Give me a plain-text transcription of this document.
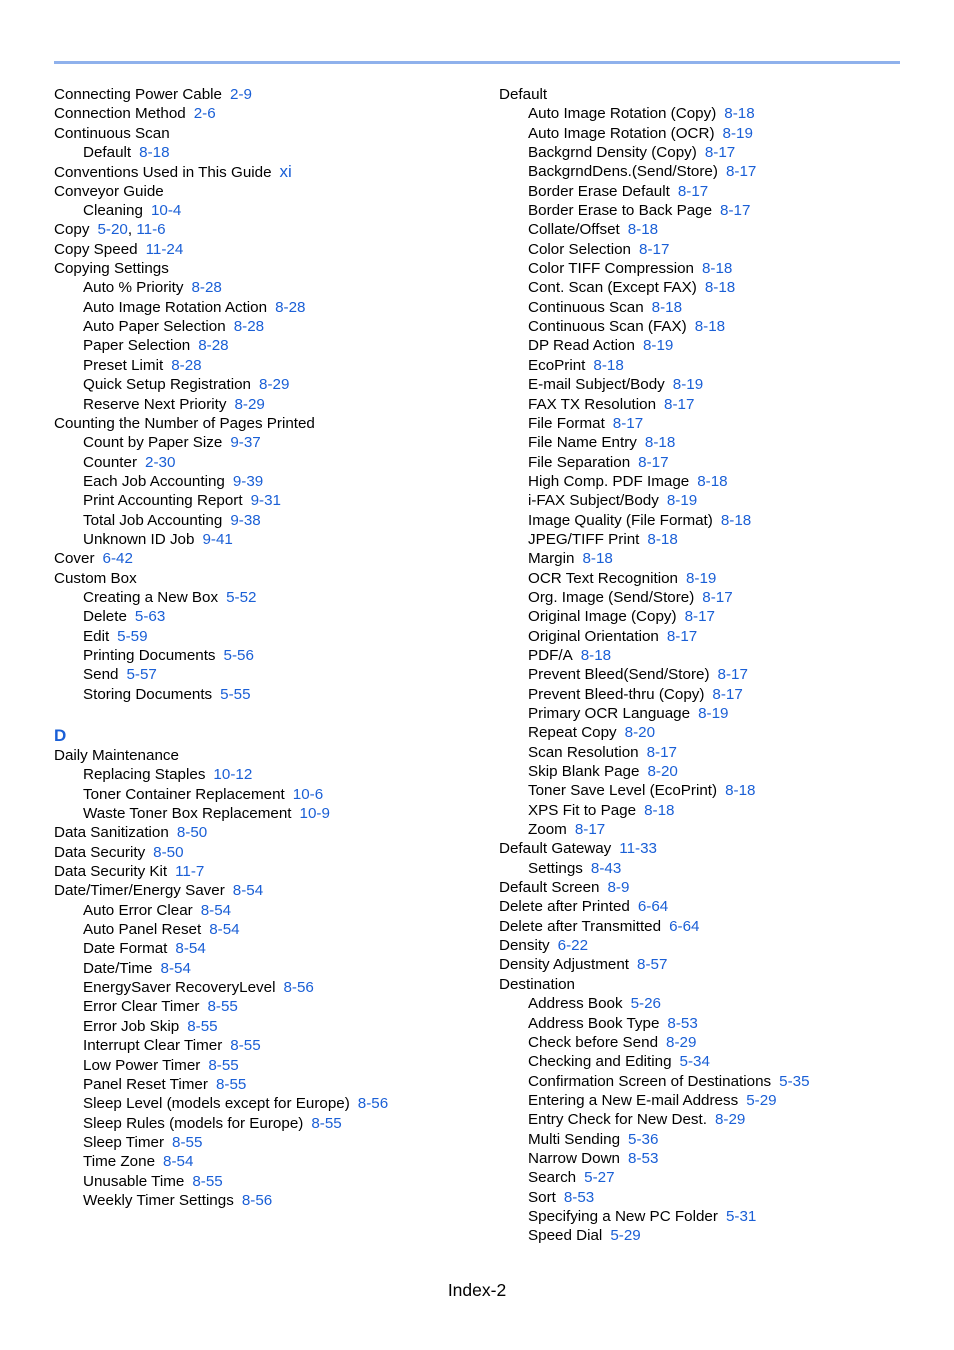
Connecting Power Cable 2-9
Connection Method 2-6
Continuous Scan
Default 8-18
Conventions Used in This Guide xi
Conveyor Guide
Cleaning 10-4
Copy 5-20, 11-6
Copy Speed 11-24
Copying Settings
Auto % Priority 8-28
Auto Image Rotation Action 8-28
Auto Paper Selection 8-28
Paper Selection 8-28
Preset Limit 8-28
Quick Setup Registration 8-29
Reserve Next Priority 8-29
Counting the Number of Pages Printed
Count by Paper Size 9-37
Counter 2-30
Each Job Accounting 9-39
Print Accounting Report 9-31
Total Job Accounting 9-38
Unknown ID Job 9-41
Cover 6-42
Custom Box
Creating a New Box 5-52
Delete 5-63
Edit 5-59
Printing Documents 5-56
Send 5-57
Storing Documents 5-55
D
Daily Maintenance
Replacing Staples 10-12
Toner Container Replacement 10-6
Waste Toner Box Replacement 10-9
Data Sanitization 8-50
Data Security 8-50
Data Security Kit 11-7
Date/Timer/Energy Saver 8-54
Auto Error Clear 8-54
Auto Panel Reset 8-54
Date Format 8-54
Date/Time 8-54
EnergySaver RecoveryLevel 8-56
Error Clear Timer 8-55
Error Job Skip 8-55
Interrupt Clear Timer 8-55
Low Power Timer 8-55
Panel Reset Timer 8-55
Sleep Level (models except for Europe) 8-56
Sleep Rules (models for Europe) 8-55
Sleep Timer 8-55
Time Zone 8-54
Unusable Time 8-55
Weekly Timer Settings 8-56
Default
Auto Image Rotation (Copy) 8-18
Auto Image Rotation (OCR) 8-19
Backgrnd Density (Copy) 8-17
BackgrndDens.(Send/Store) 8-17
Border Erase Default 8-17
Border Erase to Back Page 8-17
Collate/Offset 8-18
Color Selection 8-17
Color TIFF Compression 8-18
Cont. Scan (Except FAX) 8-18
Continuous Scan 8-18
Continuous Scan (FAX) 8-18
DP Read Action 8-19
EcoPrint 8-18
E-mail Subject/Body 8-19
FAX TX Resolution 8-17
File Format 8-17
File Name Entry 8-18
File Separation 8-17
High Comp. PDF Image 8-18
i-FAX Subject/Body 8-19
Image Quality (File Format) 8-18
JPEG/TIFF Print 8-18
Margin 8-18
OCR Text Recognition 8-19
Org. Image (Send/Store) 8-17
Original Image (Copy) 8-17
Original Orientation 8-17
PDF/A 8-18
Prevent Bleed(Send/Store) 8-17
Prevent Bleed-thru (Copy) 8-17
Primary OCR Language 8-19
Repeat Copy 8-20
Scan Resolution 8-17
Skip Blank Page 8-20
Toner Save Level (EcoPrint) 8-18
XPS Fit to Page 8-18
Zoom 8-17
Default Gateway 11-33
Settings 8-43
Default Screen 8-9
Delete after Printed 6-64
Delete after Transmitted 6-64
Density 6-22
Density Adjustment 8-57
Destination
Address Book 5-26
Address Book Type 8-53
Check before Send 8-29
Checking and Editing 5-34
Confirmation Screen of Destinations 5-35
Entering a New E-mail Address 5-29
Entry Check for New Dest. 8-29
Multi Sending 5-36
Narrow Down 8-53
Search 5-27
Sort 8-53
Specifying a New PC Folder 5-31
Speed Dial 5-29
Index-2
